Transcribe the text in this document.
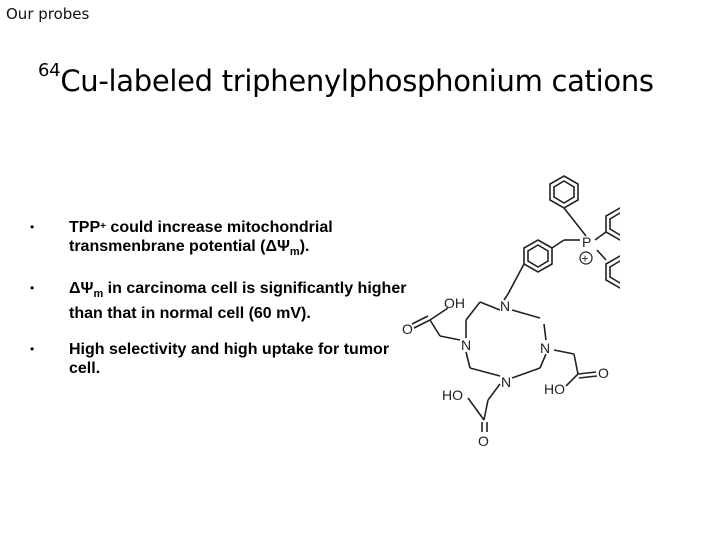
Our probes
$^{64}$Cu-labeled triphenylphosphonium cations
• TPP+ could increase mitochondrial transmenbrane potential $(\Delta\Psi_m)$.
• $\Delta\Psi_m$ in carcinoma cell is significantly higher than that in normal cell (60 mV).
• High selectivity and high uptake for tumor cell.
P
+
N
N	N
N
OH
O
O
HO
HO
O
